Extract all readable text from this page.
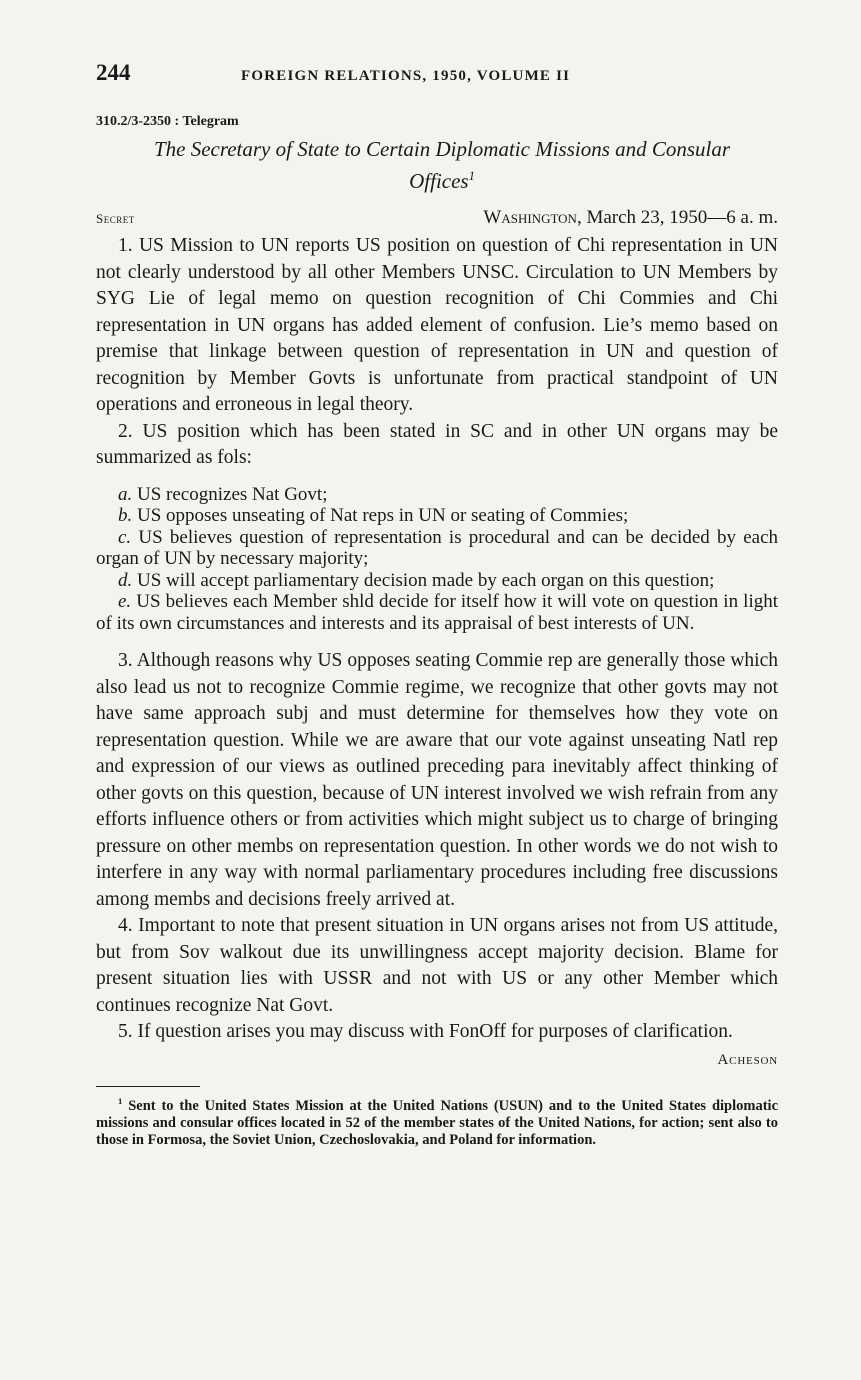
244	FOREIGN RELATIONS, 1950, VOLUME II
310.2/3-2350 : Telegram
The Secretary of State to Certain Diplomatic Missions and Consular Offices$^1$
Secret	Washington, March 23, 1950—6 a. m.

1. US Mission to UN reports US position on question of Chi representation in UN not clearly understood by all other Members UNSC. Circulation to UN Members by SYG Lie of legal memo on question recognition of Chi Commies and Chi representation in UN organs has added element of confusion. Lie’s memo based on premise that linkage between question of representation in UN and question of recognition by Member Govts is unfortunate from practical standpoint of UN operations and erroneous in legal theory.

2. US position which has been stated in SC and in other UN organs may be summarized as fols:

a. US recognizes Nat Govt;

b. US opposes unseating of Nat reps in UN or seating of Commies;

c. US believes question of representation is procedural and can be decided by each organ of UN by necessary majority;

d. US will accept parliamentary decision made by each organ on this question;

e. US believes each Member shld decide for itself how it will vote on question in light of its own circumstances and interests and its appraisal of best interests of UN.

3. Although reasons why US opposes seating Commie rep are generally those which also lead us not to recognize Commie regime, we recognize that other govts may not have same approach subj and must determine for themselves how they vote on representation question. While we are aware that our vote against unseating Natl rep and expression of our views as outlined preceding para inevitably affect thinking of other govts on this question, because of UN interest involved we wish refrain from any efforts influence others or from activities which might subject us to charge of bringing pressure on other membs on representation question. In other words we do not wish to interfere in any way with normal parliamentary procedures including free discussions among membs and decisions freely arrived at.

4. Important to note that present situation in UN organs arises not from US attitude, but from Sov walkout due its unwillingness accept majority decision. Blame for present situation lies with USSR and not with US or any other Member which continues recognize Nat Govt.

5. If question arises you may discuss with FonOff for purposes of clarification.

Acheson
$^1$ Sent to the United States Mission at the United Nations (USUN) and to the United States diplomatic missions and consular offices located in 52 of the member states of the United Nations, for action; sent also to those in Formosa, the Soviet Union, Czechoslovakia, and Poland for information.
